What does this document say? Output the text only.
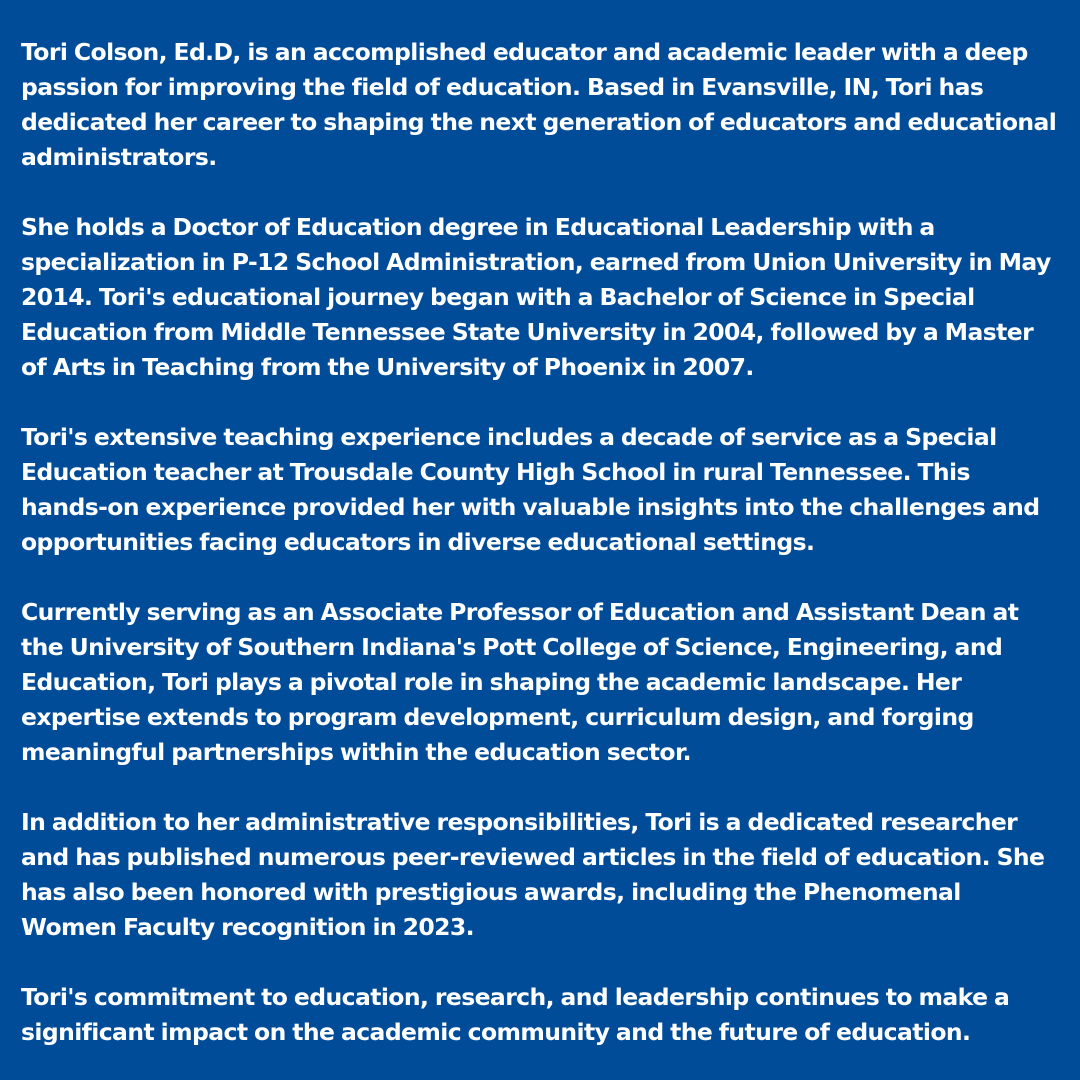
Tori Colson, Ed.D, is an accomplished educator and academic leader with a deep passion for improving the field of education. Based in Evansville, IN, Tori has dedicated her career to shaping the next generation of educators and educational administrators.

She holds a Doctor of Education degree in Educational Leadership with a specialization in P-12 School Administration, earned from Union University in May 2014. Tori's educational journey began with a Bachelor of Science in Special Education from Middle Tennessee State University in 2004, followed by a Master of Arts in Teaching from the University of Phoenix in 2007.

Tori's extensive teaching experience includes a decade of service as a Special Education teacher at Trousdale County High School in rural Tennessee. This hands-on experience provided her with valuable insights into the challenges and opportunities facing educators in diverse educational settings.

Currently serving as an Associate Professor of Education and Assistant Dean at the University of Southern Indiana's Pott College of Science, Engineering, and Education, Tori plays a pivotal role in shaping the academic landscape. Her expertise extends to program development, curriculum design, and forging meaningful partnerships within the education sector.

In addition to her administrative responsibilities, Tori is a dedicated researcher and has published numerous peer-reviewed articles in the field of education. She has also been honored with prestigious awards, including the Phenomenal Women Faculty recognition in 2023.

Tori's commitment to education, research, and leadership continues to make a significant impact on the academic community and the future of education.
